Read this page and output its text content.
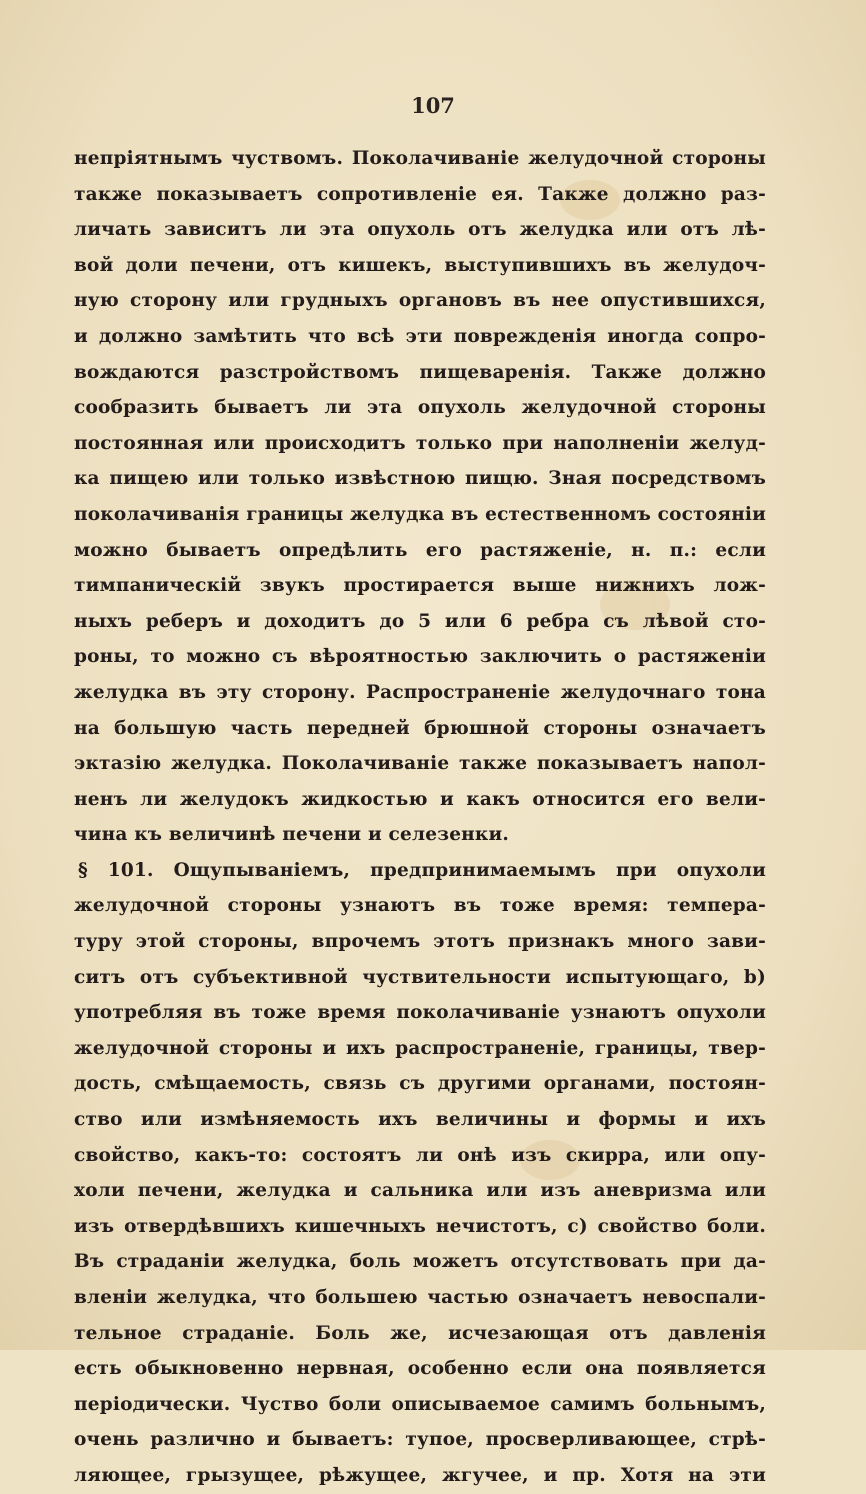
107
непріятнымъ чуствомъ. Поколачиваніе желудочной стороны
также показываетъ сопротивленіе ея. Также должно раз-
личать зависитъ ли эта опухоль отъ желудка или отъ лѣ-
вой доли печени, отъ кишекъ, выступившихъ въ желудоч-
ную сторону или грудныхъ органовъ въ нее опустившихся,
и должно замѣтить что всѣ эти поврежденія иногда сопро-
вождаются разстройствомъ пищеваренія. Также должно
сообразить бываетъ ли эта опухоль желудочной стороны
постоянная или происходитъ только при наполненіи желуд-
ка пищею или только извѣстною пищю. Зная посредствомъ
поколачиванія границы желудка въ естественномъ состояніи
можно бываетъ опредѣлить его растяженіе, н. п.: если
тимпаническій звукъ простирается выше нижнихъ лож-
ныхъ реберъ и доходитъ до 5 или 6 ребра съ лѣвой сто-
роны, то можно съ вѣроятностью заключить о растяженіи
желудка въ эту сторону. Распространеніе желудочнаго тона
на большую часть передней брюшной стороны означаетъ
эктазію желудка. Поколачиваніе также показываетъ напол-
ненъ ли желудокъ жидкостью и какъ относится его вели-
чина къ величинѣ печени и селезенки.
§ 101. Ощупываніемъ, предпринимаемымъ при опухоли
желудочной стороны узнаютъ въ тоже время: темпера-
туру этой стороны, впрочемъ этотъ признакъ много зави-
ситъ отъ субъективной чуствительности испытующаго, b)
употребляя въ тоже время поколачиваніе узнаютъ опухоли
желудочной стороны и ихъ распространеніе, границы, твер-
дость, смѣщаемость, связь съ другими органами, постоян-
ство или измѣняемость ихъ величины и формы и ихъ
свойство, какъ-то: состоятъ ли онѣ изъ скирра, или опу-
холи печени, желудка и сальника или изъ аневризма или
изъ отвердѣвшихъ кишечныхъ нечистотъ, c) свойство боли.
Въ страданіи желудка, боль можетъ отсутствовать при да-
вленіи желудка, что большею частью означаетъ невоспали-
тельное страданіе. Боль же, исчезающая отъ давленія
есть обыкновенно нервная, особенно если она появляется
періодически. Чуство боли описываемое самимъ больнымъ,
очень различно и бываетъ: тупое, просверливающее, стрѣ-
ляющее, грызущее, рѣжущее, жгучее, и пр. Хотя на эти
